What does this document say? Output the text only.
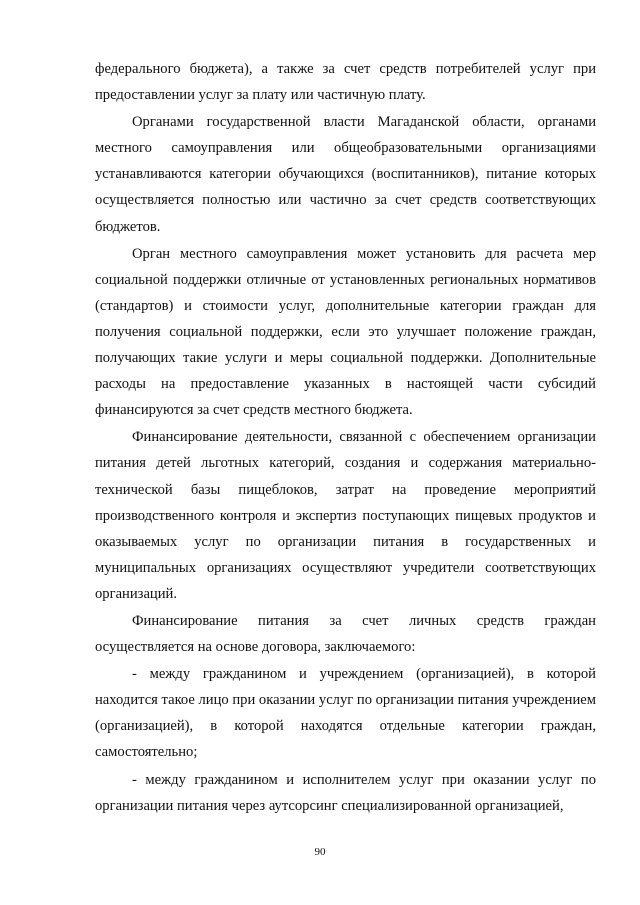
федерального бюджета), а также за счет средств потребителей услуг при предоставлении услуг за плату или частичную плату.

Органами государственной власти Магаданской области, органами местного самоуправления или общеобразовательными организациями устанавливаются категории обучающихся (воспитанников), питание которых осуществляется полностью или частично за счет средств соответствующих бюджетов.

Орган местного самоуправления может установить для расчета мер социальной поддержки отличные от установленных региональных нормативов (стандартов) и стоимости услуг, дополнительные категории граждан для получения социальной поддержки, если это улучшает положение граждан, получающих такие услуги и меры социальной поддержки. Дополнительные расходы на предоставление указанных в настоящей части субсидий финансируются за счет средств местного бюджета.

Финансирование деятельности, связанной с обеспечением организации питания детей льготных категорий, создания и содержания материально-технической базы пищеблоков, затрат на проведение мероприятий производственного контроля и экспертиз поступающих пищевых продуктов и оказываемых услуг по организации питания в государственных и муниципальных организациях осуществляют учредители соответствующих организаций.

Финансирование питания за счет личных средств граждан осуществляется на основе договора, заключаемого:

- между гражданином и учреждением (организацией), в которой находится такое лицо при оказании услуг по организации питания учреждением (организацией), в которой находятся отдельные категории граждан, самостоятельно;

- между гражданином и исполнителем услуг при оказании услуг по организации питания через аутсорсинг специализированной организацией,

90
